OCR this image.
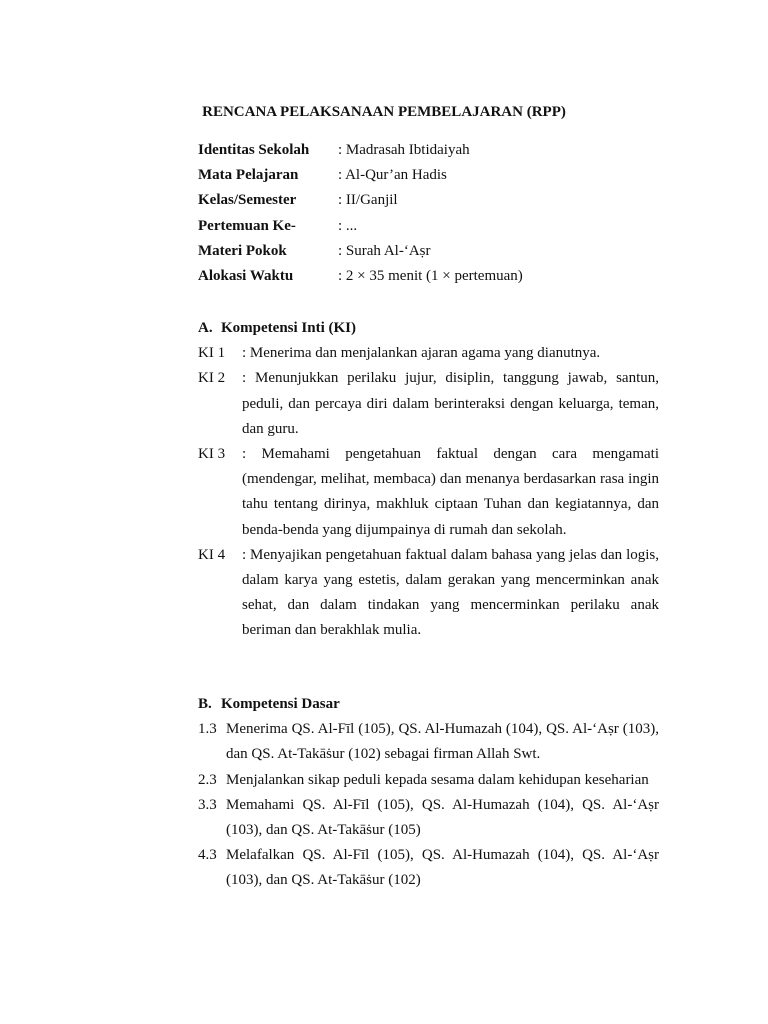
RENCANA PELAKSANAAN PEMBELAJARAN (RPP)
Identitas Sekolah : Madrasah Ibtidaiyah
Mata Pelajaran	: Al-Qur’an Hadis
Kelas/Semester	: II/Ganjil
Pertemuan Ke-	: ...
Materi Pokok	: Surah Al-‘Aṣr
Alokasi Waktu	: 2 × 35 menit (1 × pertemuan)
A. Kompetensi Inti (KI)
KI 1	: Menerima dan menjalankan ajaran agama yang dianutnya.
KI 2	: Menunjukkan perilaku jujur, disiplin, tanggung jawab, santun, peduli, dan percaya diri dalam berinteraksi dengan keluarga, teman, dan guru.
KI 3	: Memahami pengetahuan faktual dengan cara mengamati (mendengar, melihat, membaca) dan menanya berdasarkan rasa ingin tahu tentang dirinya, makhluk ciptaan Tuhan dan kegiatannya, dan benda-benda yang dijumpainya di rumah dan sekolah.
KI 4	: Menyajikan pengetahuan faktual dalam bahasa yang jelas dan logis, dalam karya yang estetis, dalam gerakan yang mencerminkan anak sehat, dan dalam tindakan yang mencerminkan perilaku anak beriman dan berakhlak mulia.
B. Kompetensi Dasar
1.3 Menerima QS. Al-Fīl (105), QS. Al-Humazah (104), QS. Al-‘Aṣr (103), dan QS. At-Takāṡur (102) sebagai firman Allah Swt.
2.3 Menjalankan sikap peduli kepada sesama dalam kehidupan keseharian
3.3 Memahami QS. Al-Fīl (105), QS. Al-Humazah (104), QS. Al-‘Aṣr (103), dan QS. At-Takāṡur (105)
4.3 Melafalkan QS. Al-Fīl (105), QS. Al-Humazah (104), QS. Al-‘Aṣr (103), dan QS. At-Takāṡur (102)
